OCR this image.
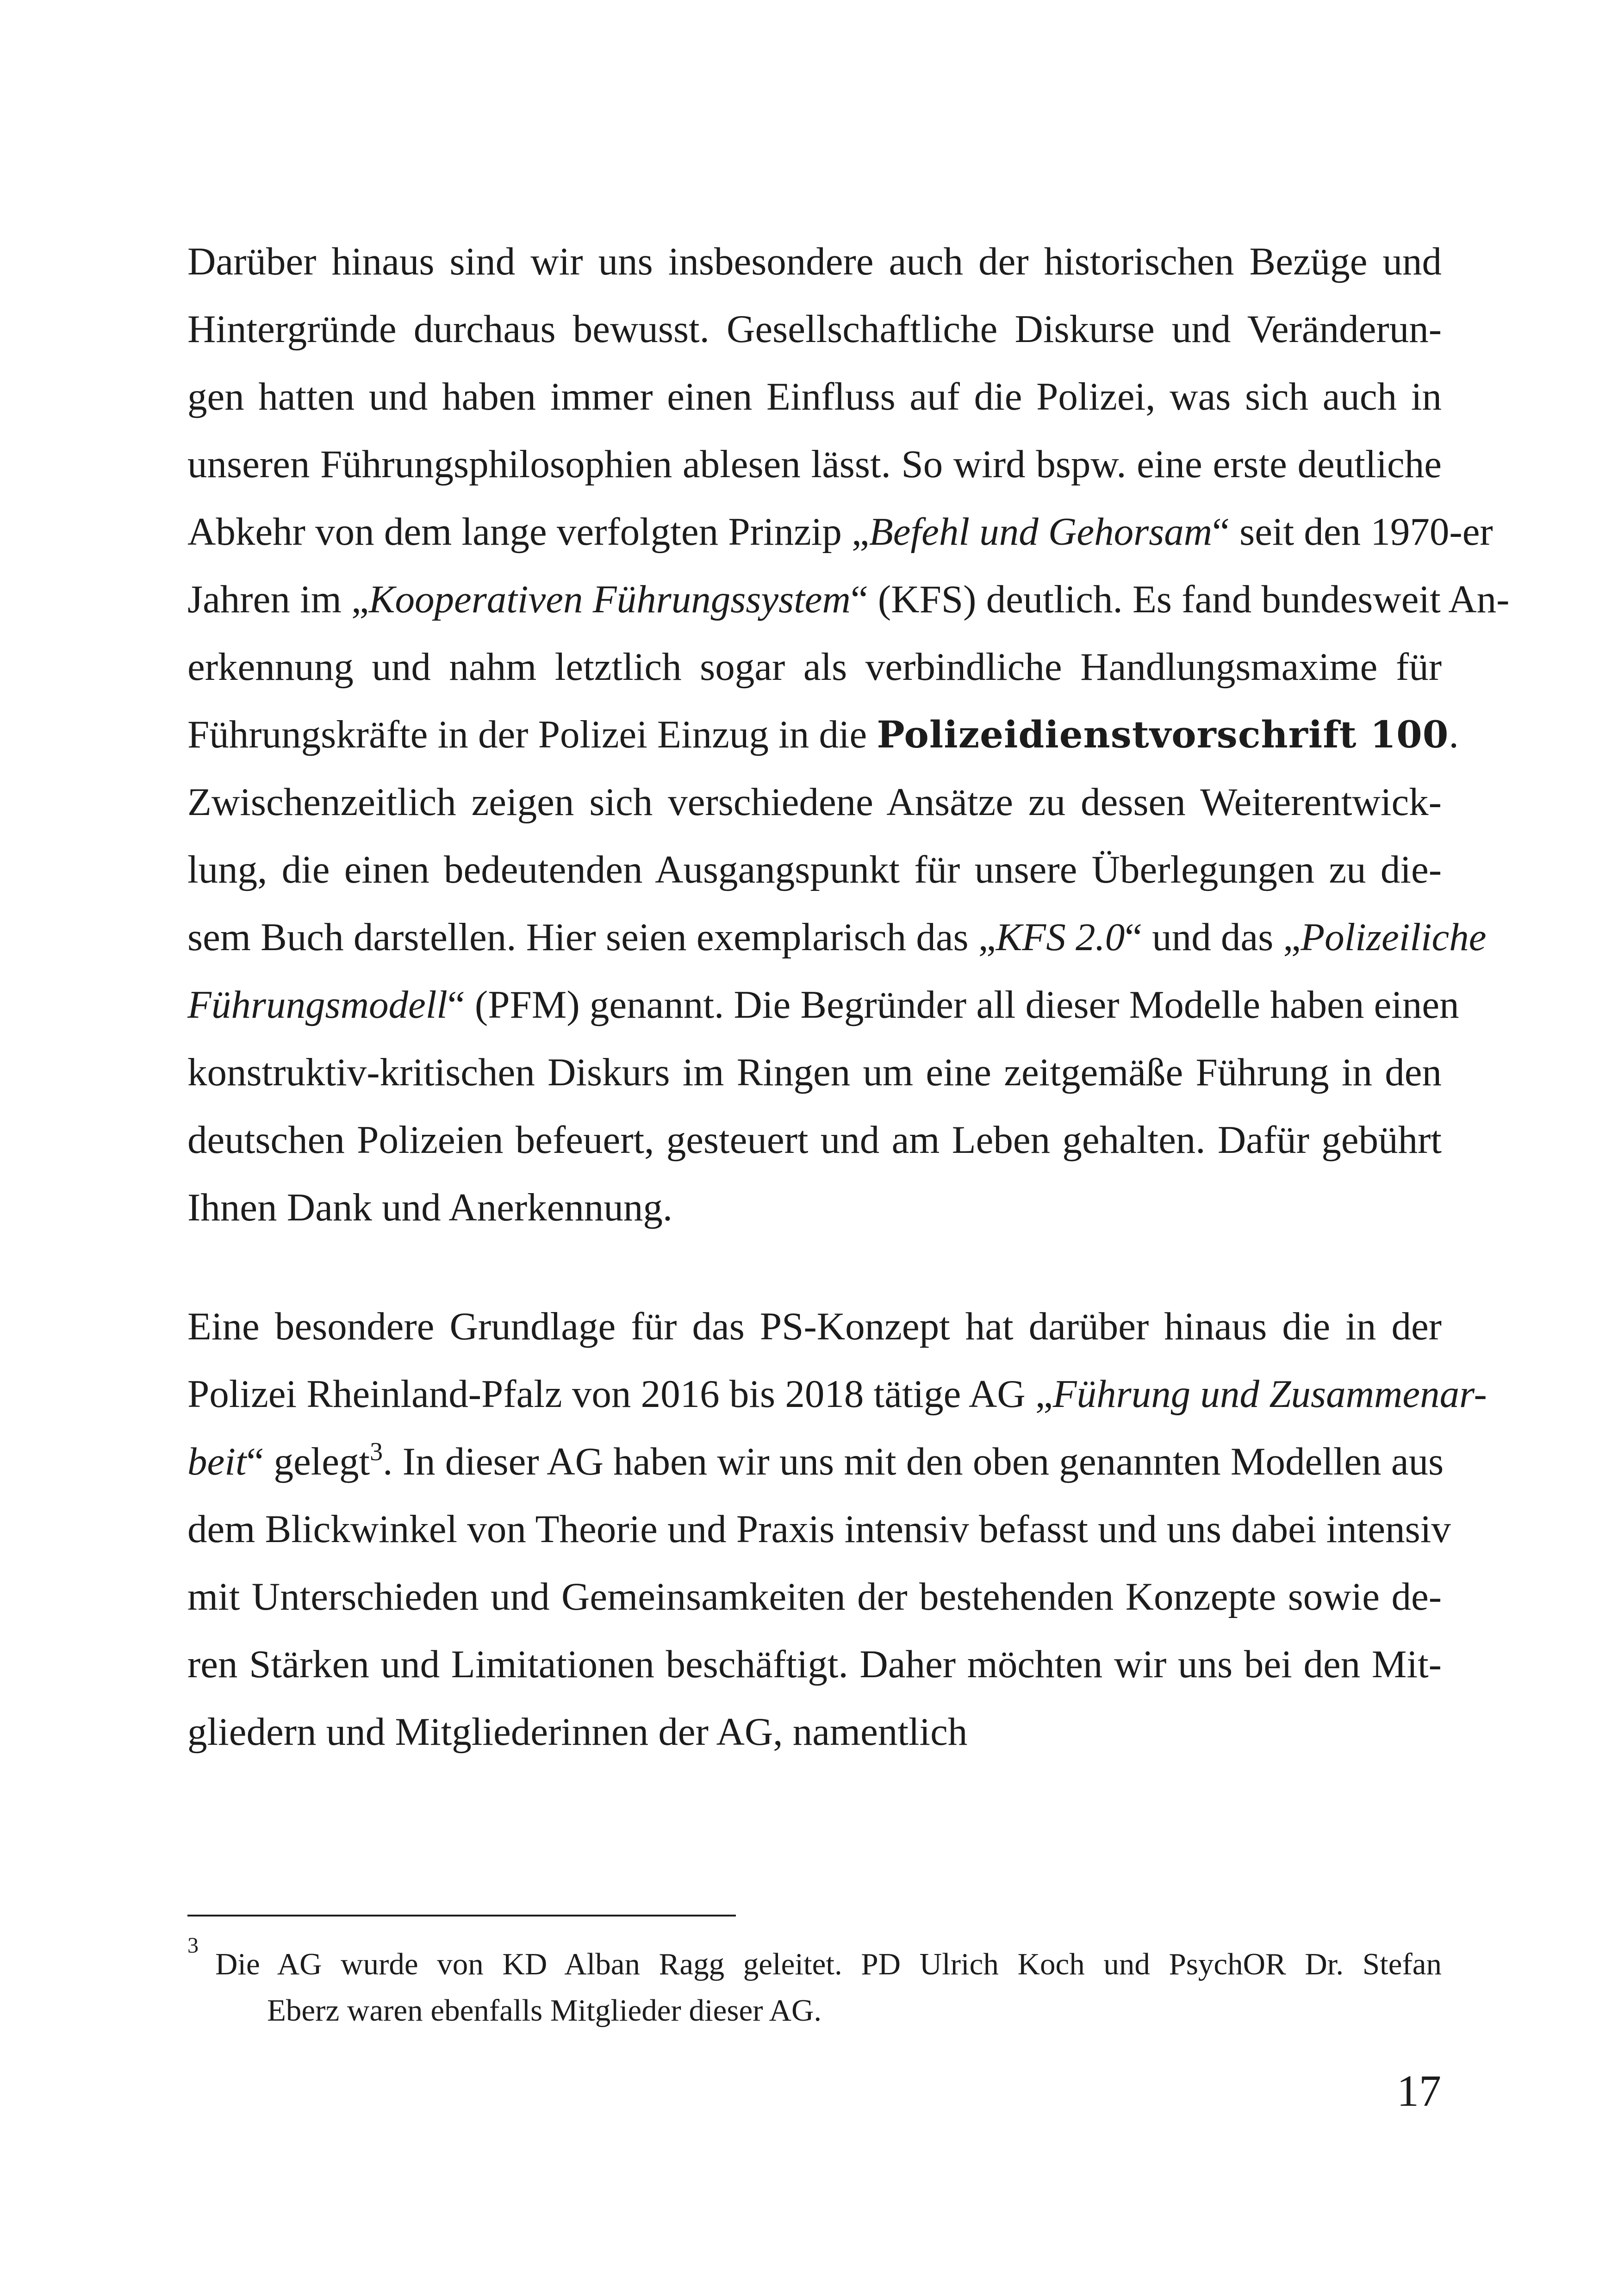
Darüber hinaus sind wir uns insbesondere auch der historischen Bezüge und
Hintergründe durchaus bewusst. Gesellschaftliche Diskurse und Veränderun-
gen hatten und haben immer einen Einfluss auf die Polizei, was sich auch in
unseren Führungsphilosophien ablesen lässt. So wird bspw. eine erste deutliche
Abkehr von dem lange verfolgten Prinzip „Befehl und Gehorsam“ seit den 1970-er
Jahren im „Kooperativen Führungssystem“ (KFS) deutlich. Es fand bundesweit An-
erkennung und nahm letztlich sogar als verbindliche Handlungsmaxime für
Führungskräfte in der Polizei Einzug in die Polizeidienstvorschrift 100.
Zwischenzeitlich zeigen sich verschiedene Ansätze zu dessen Weiterentwick-
lung, die einen bedeutenden Ausgangspunkt für unsere Überlegungen zu die-
sem Buch darstellen. Hier seien exemplarisch das „KFS 2.0“ und das „Polizeiliche
Führungsmodell“ (PFM) genannt. Die Begründer all dieser Modelle haben einen
konstruktiv-kritischen Diskurs im Ringen um eine zeitgemäße Führung in den
deutschen Polizeien befeuert, gesteuert und am Leben gehalten. Dafür gebührt
Ihnen Dank und Anerkennung.
Eine besondere Grundlage für das PS-Konzept hat darüber hinaus die in der
Polizei Rheinland-Pfalz von 2016 bis 2018 tätige AG „Führung und Zusammenar-
beit“ gelegt$^3$. In dieser AG haben wir uns mit den oben genannten Modellen aus
dem Blickwinkel von Theorie und Praxis intensiv befasst und uns dabei intensiv
mit Unterschieden und Gemeinsamkeiten der bestehenden Konzepte sowie de-
ren Stärken und Limitationen beschäftigt. Daher möchten wir uns bei den Mit-
gliedern und Mitgliederinnen der AG, namentlich
3
Die AG wurde von KD Alban Ragg geleitet. PD Ulrich Koch und PsychOR Dr. Stefan
Eberz waren ebenfalls Mitglieder dieser AG.
17
